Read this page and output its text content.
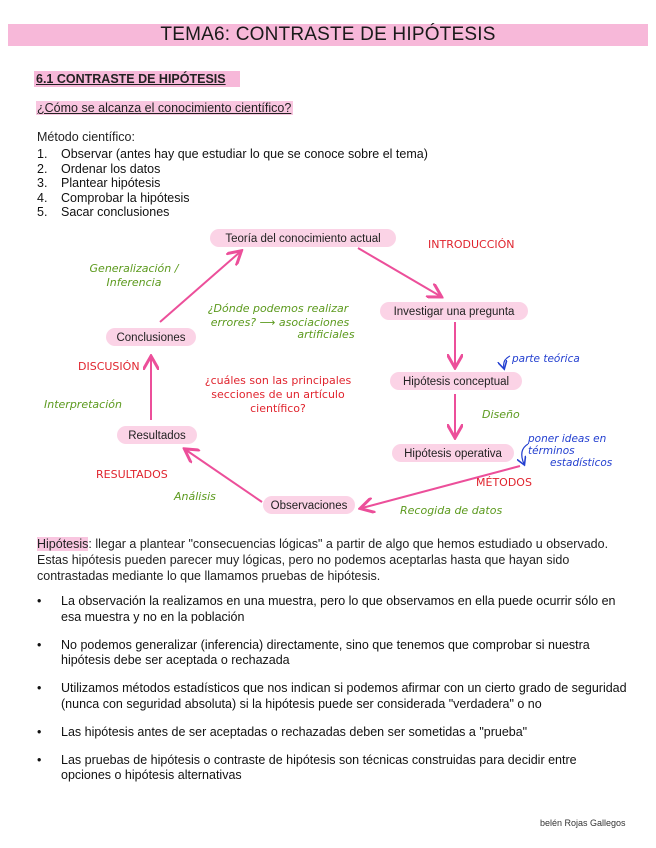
TEMA6: CONTRASTE DE HIPÓTESIS
6.1 CONTRASTE DE HIPÓTESIS
¿Cómo se alcanza el conocimiento científico?
Método científico:
1.	Observar (antes hay que estudiar lo que se conoce sobre el tema)
2.	Ordenar los datos
3.	Plantear hipótesis
4.	Comprobar la hipótesis
5.	Sacar conclusiones
Teoría del conocimiento actual
Investigar una pregunta
Hipótesis conceptual
Hipótesis operativa
Observaciones
Resultados
Conclusiones
INTRODUCCIÓN
MÉTODOS
RESULTADOS
DISCUSIÓN
¿cuáles son las principales
secciones de un artículo
científico?
Generalización /
Inferencia
¿Dónde podemos realizar
errores? ⟶ asociaciones
artificiales
Diseño
Recogida de datos
Análisis
Interpretación
parte teórica
poner ideas en
términos
estadísticos
Hipótesis: llegar a plantear "consecuencias lógicas" a partir de algo que hemos estudiado u observado. Estas hipótesis pueden parecer muy lógicas, pero no podemos aceptarlas hasta que hayan sido contrastadas mediante lo que llamamos pruebas de hipótesis.
• La observación la realizamos en una muestra, pero lo que observamos en ella puede ocurrir sólo en esa muestra y no en la población
• No podemos generalizar (inferencia) directamente, sino que tenemos que comprobar si nuestra hipótesis debe ser aceptada o rechazada
• Utilizamos métodos estadísticos que nos indican si podemos afirmar con un cierto grado de seguridad (nunca con seguridad absoluta) si la hipótesis puede ser considerada "verdadera" o no
• Las hipótesis antes de ser aceptadas o rechazadas deben ser sometidas a "prueba"
• Las pruebas de hipótesis o contraste de hipótesis son técnicas construidas para decidir entre opciones o hipótesis alternativas
belén Rojas Gallegos
